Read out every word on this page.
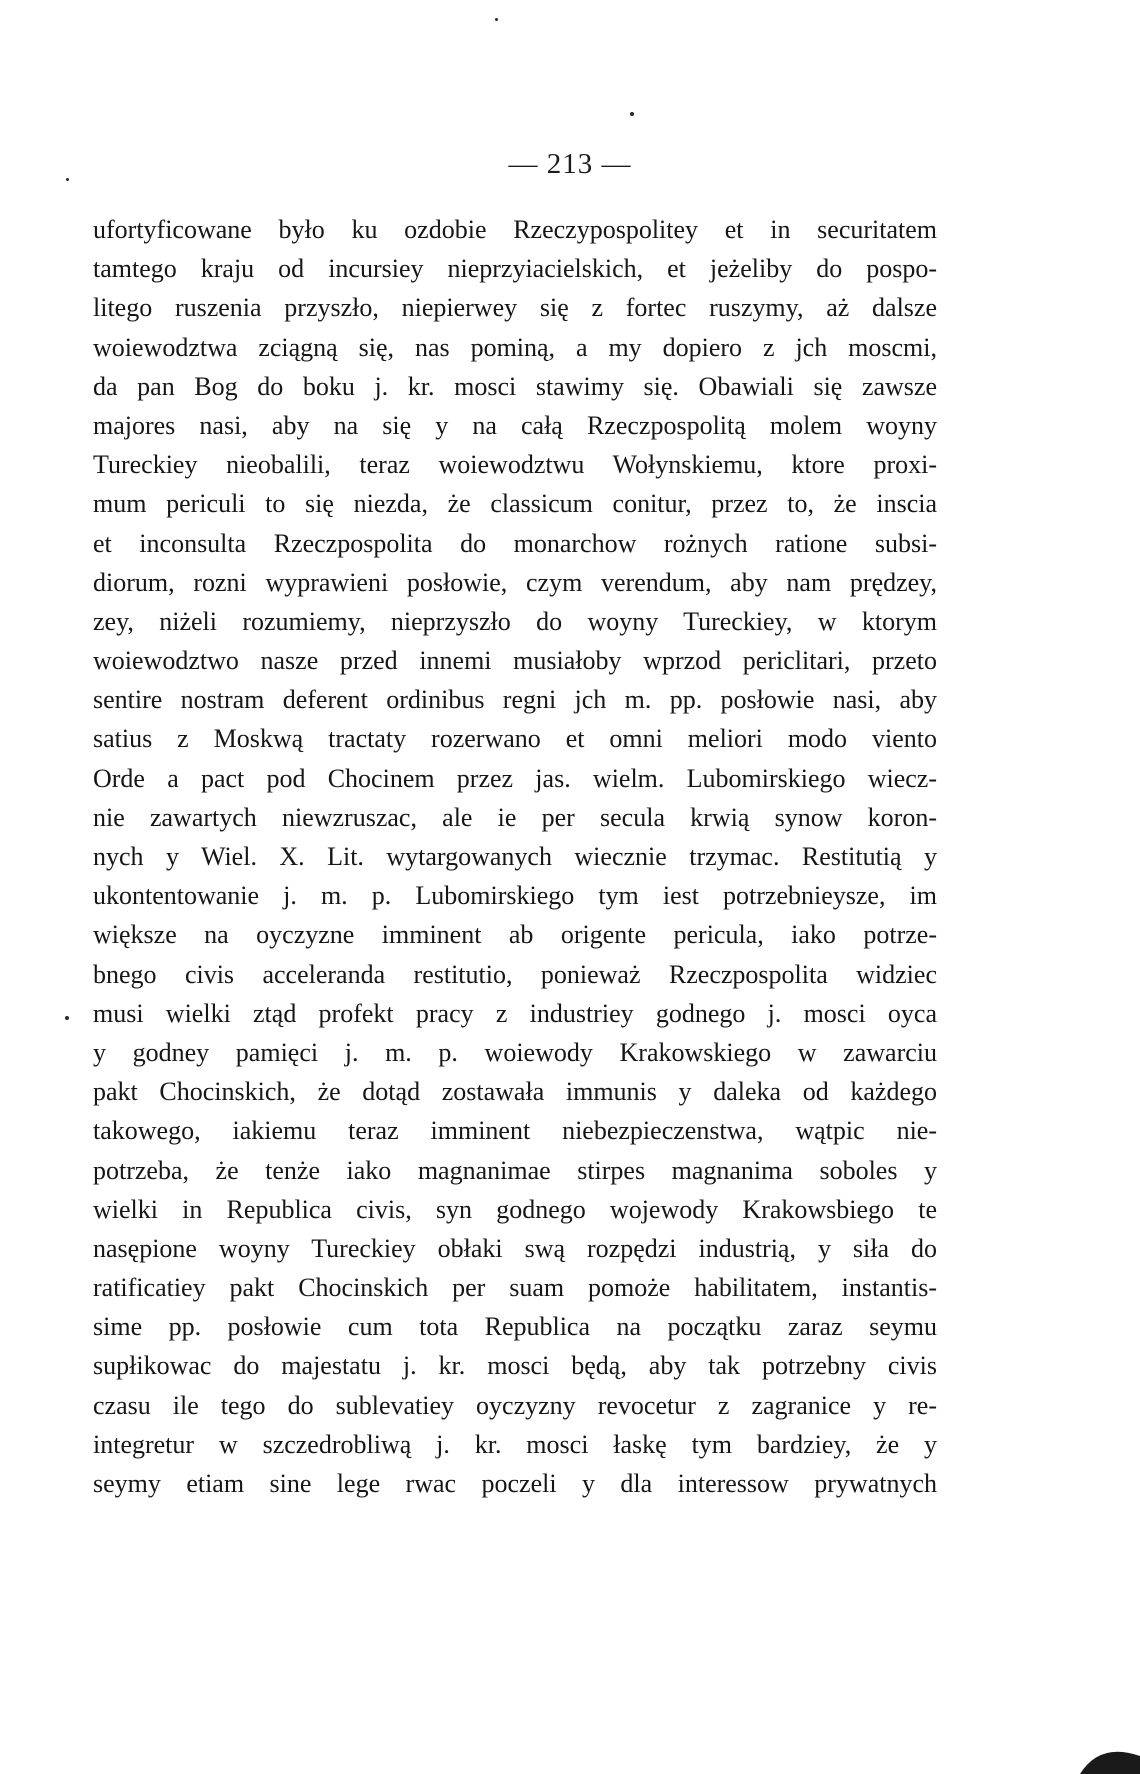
— 213 —
ufortyficowane było ku ozdobie Rzeczypospolitey et in securitatem
tamtego kraju od incursiey nieprzyiacielskich, et jeżeliby do pospo-
litego ruszenia przyszło, niepierwey się z fortec ruszymy, aż dalsze
woiewodztwa zciągną się, nas pominą, a my dopiero z jch moscmi,
da pan Bog do boku j. kr. mosci stawimy się. Obawiali się zawsze
majores nasi, aby na się y na całą Rzeczpospolitą molem woyny
Tureckiey nieobalili, teraz woiewodztwu Wołynskiemu, ktore proxi-
mum periculi to się niezda, że classicum conitur, przez to, że inscia
et inconsulta Rzeczpospolita do monarchow rożnych ratione subsi-
diorum, rozni wyprawieni posłowie, czym verendum, aby nam prędzey,
zey, niżeli rozumiemy, nieprzyszło do woyny Tureckiey, w ktorym
woiewodztwo nasze przed innemi musiałoby wprzod periclitari, przeto
sentire nostram deferent ordinibus regni jch m. pp. posłowie nasi, aby
satius z Moskwą tractaty rozerwano et omni meliori modo viento
Orde a pact pod Chocinem przez jas. wielm. Lubomirskiego wiecz-
nie zawartych niewzruszac, ale ie per secula krwią synow koron-
nych y Wiel. X. Lit. wytargowanych wiecznie trzymac. Restitutią y
ukontentowanie j. m. p. Lubomirskiego tym iest potrzebnieysze, im
większe na oyczyzne imminent ab origente pericula, iako potrze-
bnego civis acceleranda restitutio, ponieważ Rzeczpospolita widziec
musi wielki ztąd profekt pracy z industriey godnego j. mosci oyca
y godney pamięci j. m. p. woiewody Krakowskiego w zawarciu
pakt Chocinskich, że dotąd zostawała immunis y daleka od każdego
takowego, iakiemu teraz imminent niebezpieczenstwa, wątpic nie-
potrzeba, że tenże iako magnanimae stirpes magnanima soboles y
wielki in Republica civis, syn godnego wojewody Krakowsbiego te
nasępione woyny Tureckiey obłaki swą rozpędzi industrią, y siła do
ratificatiey pakt Chocinskich per suam pomoże habilitatem, instantis-
sime pp. posłowie cum tota Republica na początku zaraz seymu
supłikowac do majestatu j. kr. mosci będą, aby tak potrzebny civis
czasu ile tego do sublevatiey oyczyzny revocetur z zagranice y re-
integretur w szczedrobliwą j. kr. mosci łaskę tym bardziey, że y
seymy etiam sine lege rwac poczeli y dla interessow prywatnych
